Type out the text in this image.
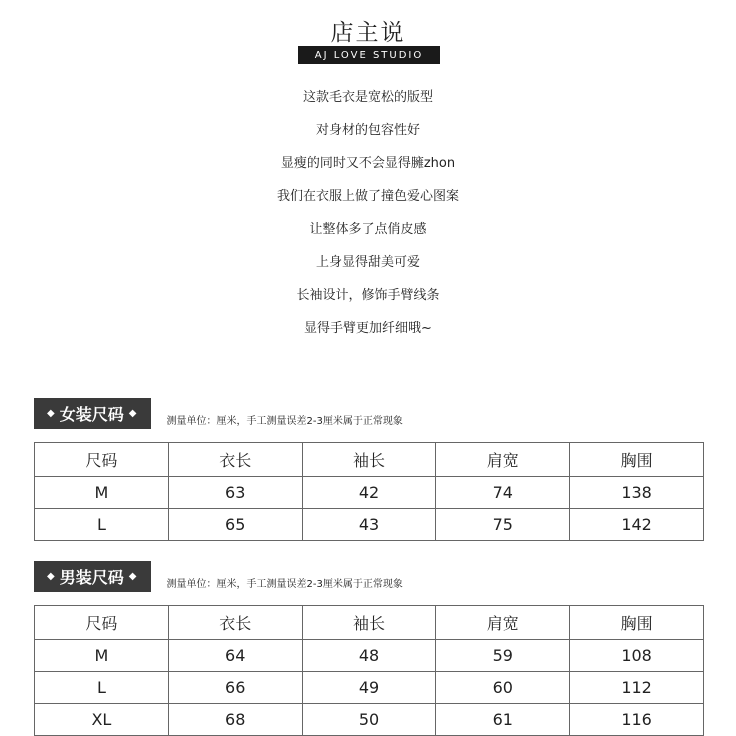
店主说
AJ LOVE STUDIO
这款毛衣是宽松的版型
对身材的包容性好
显瘦的同时又不会显得臃zhon
我们在衣服上做了撞色爱心图案
让整体多了点俏皮感
上身显得甜美可爱
长袖设计，修饰手臂线条
显得手臂更加纤细哦~
◆ 女装尺码 ◆
测量单位：厘米，手工测量误差2-3厘米属于正常现象
尺码	衣长	袖长	肩宽	胸围
M	63	42	74	138
L	65	43	75	142
◆ 男装尺码 ◆
测量单位：厘米，手工测量误差2-3厘米属于正常现象
尺码	衣长	袖长	肩宽	胸围
M	64	48	59	108
L	66	49	60	112
XL	68	50	61	116
